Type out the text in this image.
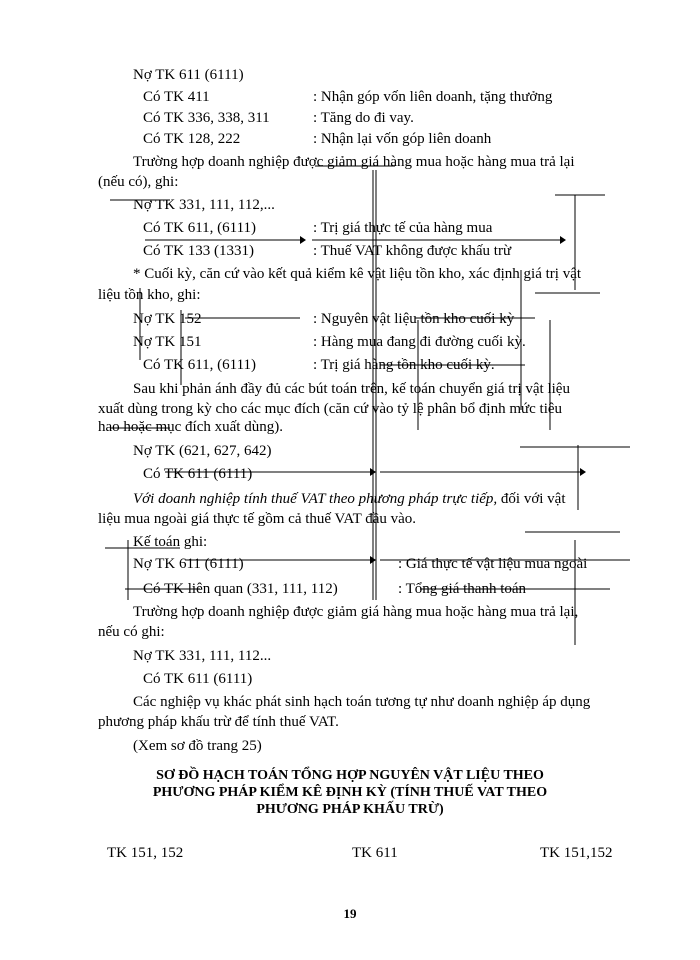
Nợ TK 611 (6111)
Có TK 411	: Nhận góp vốn liên doanh, tặng thưởng
Có TK 336, 338, 311	: Tăng do đi vay.
Có TK 128, 222	: Nhận lại vốn góp liên doanh
Trường hợp doanh nghiệp được giảm giá hàng mua hoặc hàng mua trả lại
(nếu có), ghi:
Nợ TK 331, 111, 112,...
Có TK 611, (6111)	: Trị giá thực tế của hàng mua
Có TK 133 (1331)	: Thuế VAT không được khấu trừ
* Cuối kỳ, căn cứ vào kết quả kiểm kê vật liệu tồn kho, xác định giá trị vật
liệu tồn kho, ghi:
Nợ TK 152	: Nguyên vật liệu tồn kho cuối kỳ
Nợ TK 151	: Hàng mua đang đi đường cuối kỳ.
Có TK 611, (6111)	: Trị giá hàng tồn kho cuối kỳ.
Sau khi phản ánh đầy đủ các bút toán trên, kế toán chuyển giá trị vật liệu
xuất dùng trong kỳ cho các mục đích (căn cứ vào tỷ lệ phân bổ định mức tiêu
hao hoặc mục đích xuất dùng).
Nợ TK (621, 627, 642)
Có TK 611 (6111)
Với doanh nghiệp tính thuế VAT theo phương pháp trực tiếp, đối với vật
liệu mua ngoài giá thực tế gồm cả thuế VAT đầu vào.
Kế toán ghi:
Nợ TK 611 (6111)	: Giá thực tế vật liệu mua ngoài
Có TK liên quan (331, 111, 112)	: Tổng giá thanh toán
Trường hợp doanh nghiệp được giảm giá hàng mua hoặc hàng mua trả lại,
nếu có ghi:
Nợ TK 331, 111, 112...
Có TK 611 (6111)
Các nghiệp vụ khác phát sinh hạch toán tương tự như doanh nghiệp áp dụng
phương pháp khấu trừ để tính thuế VAT.
(Xem sơ đồ trang 25)
SƠ ĐỒ HẠCH TOÁN TỔNG HỢP NGUYÊN VẬT LIỆU THEO
PHƯƠNG PHÁP KIỂM KÊ ĐỊNH KỲ (TÍNH THUẾ VAT THEO
PHƯƠNG PHÁP KHẤU TRỪ)
TK 151, 152	TK 611	TK 151,152
19
